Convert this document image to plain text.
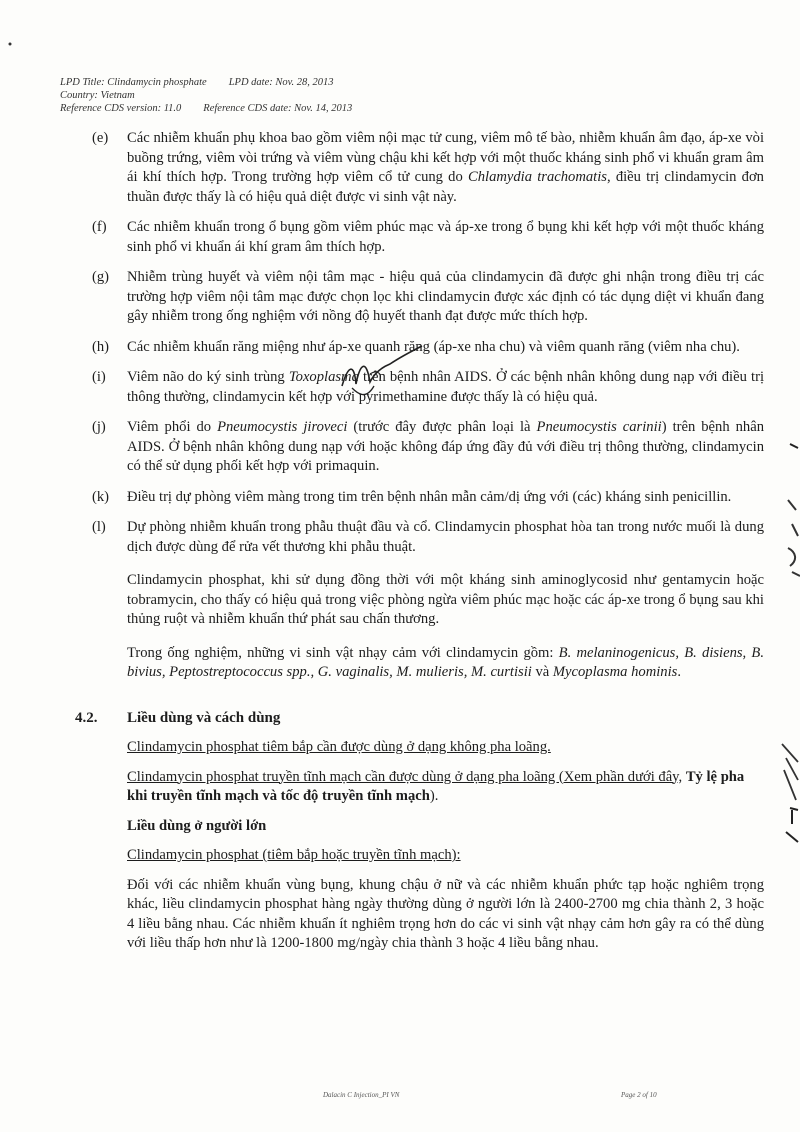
LPD Title: Clindamycin phosphate LPD date: Nov. 28, 2013
Country: Vietnam
Reference CDS version: 11.0 Reference CDS date: Nov. 14, 2013
(e) Các nhiễm khuẩn phụ khoa bao gồm viêm nội mạc tử cung, viêm mô tế bào, nhiễm khuẩn âm đạo, áp-xe vòi buồng trứng, viêm vòi trứng và viêm vùng chậu khi kết hợp với một thuốc kháng sinh phổ vi khuẩn gram âm ái khí thích hợp. Trong trường hợp viêm cổ tử cung do Chlamydia trachomatis, điều trị clindamycin đơn thuần được thấy là có hiệu quả diệt được vi sinh vật này.
(f) Các nhiễm khuẩn trong ổ bụng gồm viêm phúc mạc và áp-xe trong ổ bụng khi kết hợp với một thuốc kháng sinh phổ vi khuẩn ái khí gram âm thích hợp.
(g) Nhiễm trùng huyết và viêm nội tâm mạc - hiệu quả của clindamycin đã được ghi nhận trong điều trị các trường hợp viêm nội tâm mạc được chọn lọc khi clindamycin được xác định có tác dụng diệt vi khuẩn đang gây nhiễm trong ống nghiệm với nồng độ huyết thanh đạt được mức thích hợp.
(h) Các nhiễm khuẩn răng miệng như áp-xe quanh răng (áp-xe nha chu) và viêm quanh răng (viêm nha chu).
(i) Viêm não do ký sinh trùng Toxoplasma trên bệnh nhân AIDS. Ở các bệnh nhân không dung nạp với điều trị thông thường, clindamycin kết hợp với pyrimethamine được thấy là có hiệu quả.
(j) Viêm phổi do Pneumocystis jiroveci (trước đây được phân loại là Pneumocystis carinii) trên bệnh nhân AIDS. Ở bệnh nhân không dung nạp với hoặc không đáp ứng đầy đủ với điều trị thông thường, clindamycin có thể sử dụng phối kết hợp với primaquin.
(k) Điều trị dự phòng viêm màng trong tim trên bệnh nhân mẫn cảm/dị ứng với (các) kháng sinh penicillin.
(l) Dự phòng nhiễm khuẩn trong phẫu thuật đầu và cổ. Clindamycin phosphat hòa tan trong nước muối là dung dịch được dùng để rửa vết thương khi phẫu thuật.
Clindamycin phosphat, khi sử dụng đồng thời với một kháng sinh aminoglycosid như gentamycin hoặc tobramycin, cho thấy có hiệu quả trong việc phòng ngừa viêm phúc mạc hoặc các áp-xe trong ổ bụng sau khi thủng ruột và nhiễm khuẩn thứ phát sau chấn thương.
Trong ống nghiệm, những vi sinh vật nhạy cảm với clindamycin gồm: B. melaninogenicus, B. disiens, B. bivius, Peptostreptococcus spp., G. vaginalis, M. mulieris, M. curtisii và Mycoplasma hominis.
4.2. Liều dùng và cách dùng
Clindamycin phosphat tiêm bắp cần được dùng ở dạng không pha loãng.
Clindamycin phosphat truyền tĩnh mạch cần được dùng ở dạng pha loãng (Xem phần dưới đây, Tỷ lệ pha khi truyền tĩnh mạch và tốc độ truyền tĩnh mạch).
Liều dùng ở người lớn
Clindamycin phosphat (tiêm bắp hoặc truyền tĩnh mạch):
Đối với các nhiễm khuẩn vùng bụng, khung chậu ở nữ và các nhiễm khuẩn phức tạp hoặc nghiêm trọng khác, liều clindamycin phosphat hàng ngày thường dùng ở người lớn là 2400-2700 mg chia thành 2, 3 hoặc 4 liều bằng nhau. Các nhiễm khuẩn ít nghiêm trọng hơn do các vi sinh vật nhạy cảm hơn gây ra có thể dùng với liều thấp hơn như là 1200-1800 mg/ngày chia thành 3 hoặc 4 liều bằng nhau.
Dalacin C Injection_PI VN	Page 2 of 10
